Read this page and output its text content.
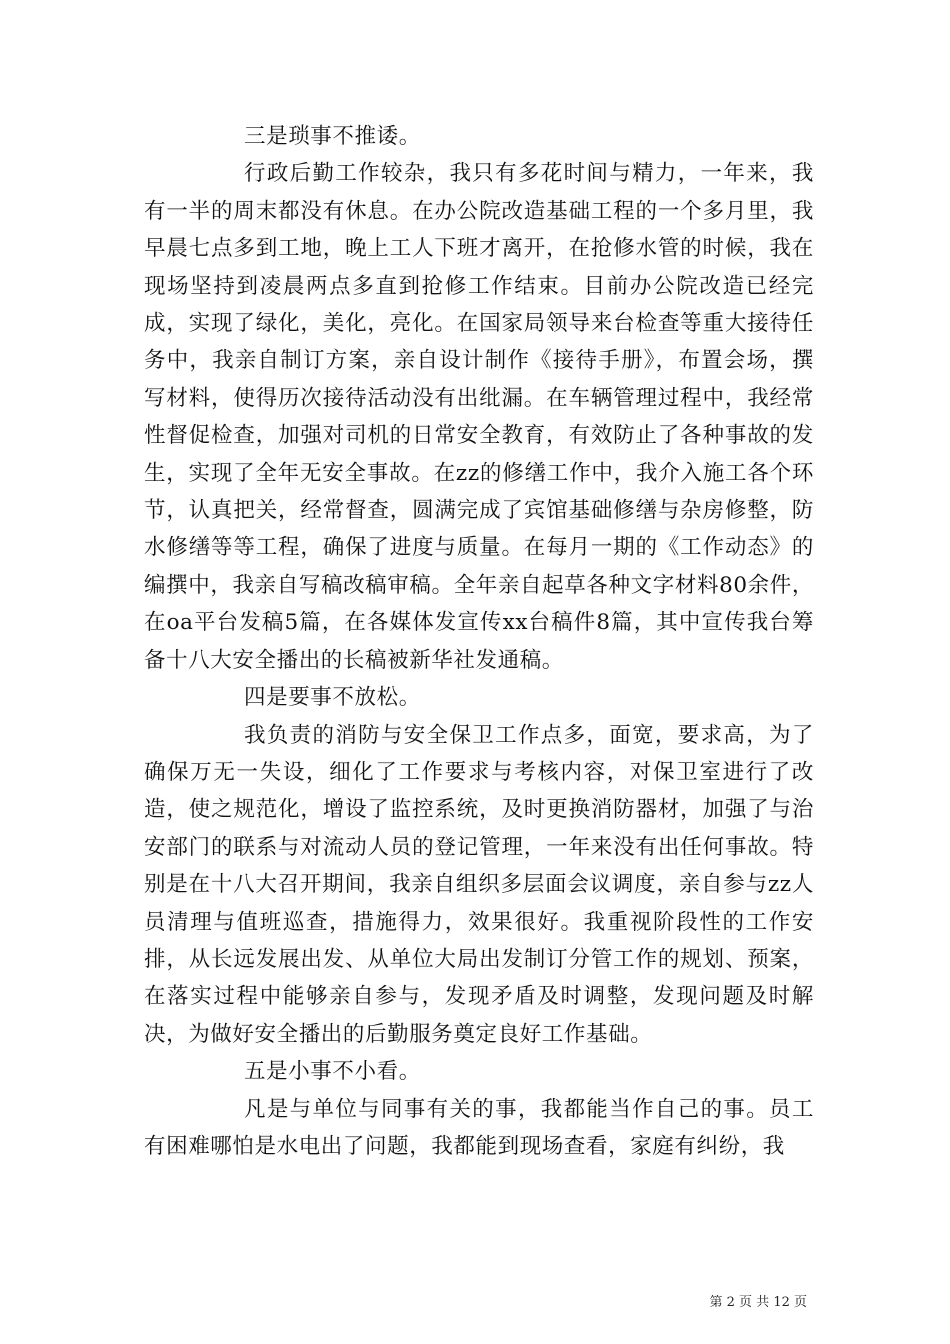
三是琐事不推诿。

行政后勤工作较杂，我只有多花时间与精力，一年来，我有一半的周末都没有休息。在办公院改造基础工程的一个多月里，我早晨七点多到工地，晚上工人下班才离开，在抢修水管的时候，我在现场坚持到凌晨两点多直到抢修工作结束。目前办公院改造已经完成，实现了绿化，美化，亮化。在国家局领导来台检查等重大接待任务中，我亲自制订方案，亲自设计制作《接待手册》，布置会场，撰写材料，使得历次接待活动没有出纰漏。在车辆管理过程中，我经常性督促检查，加强对司机的日常安全教育，有效防止了各种事故的发生，实现了全年无安全事故。在zz的修缮工作中，我介入施工各个环节，认真把关，经常督查，圆满完成了宾馆基础修缮与杂房修整，防水修缮等等工程，确保了进度与质量。在每月一期的《工作动态》的编撰中，我亲自写稿改稿审稿。全年亲自起草各种文字材料80余件，在oa平台发稿5篇，在各媒体发宣传xx台稿件8篇，其中宣传我台筹备十八大安全播出的长稿被新华社发通稿。

四是要事不放松。

我负责的消防与安全保卫工作点多，面宽，要求高，为了确保万无一失设，细化了工作要求与考核内容，对保卫室进行了改造，使之规范化，增设了监控系统，及时更换消防器材，加强了与治安部门的联系与对流动人员的登记管理，一年来没有出任何事故。特别是在十八大召开期间，我亲自组织多层面会议调度，亲自参与zz人员清理与值班巡查，措施得力，效果很好。我重视阶段性的工作安排，从长远发展出发、从单位大局出发制订分管工作的规划、预案，在落实过程中能够亲自参与，发现矛盾及时调整，发现问题及时解决，为做好安全播出的后勤服务奠定良好工作基础。

五是小事不小看。

凡是与单位与同事有关的事，我都能当作自己的事。员工有困难哪怕是水电出了问题，我都能到现场查看，家庭有纠纷，我

第 2 页 共 12 页
